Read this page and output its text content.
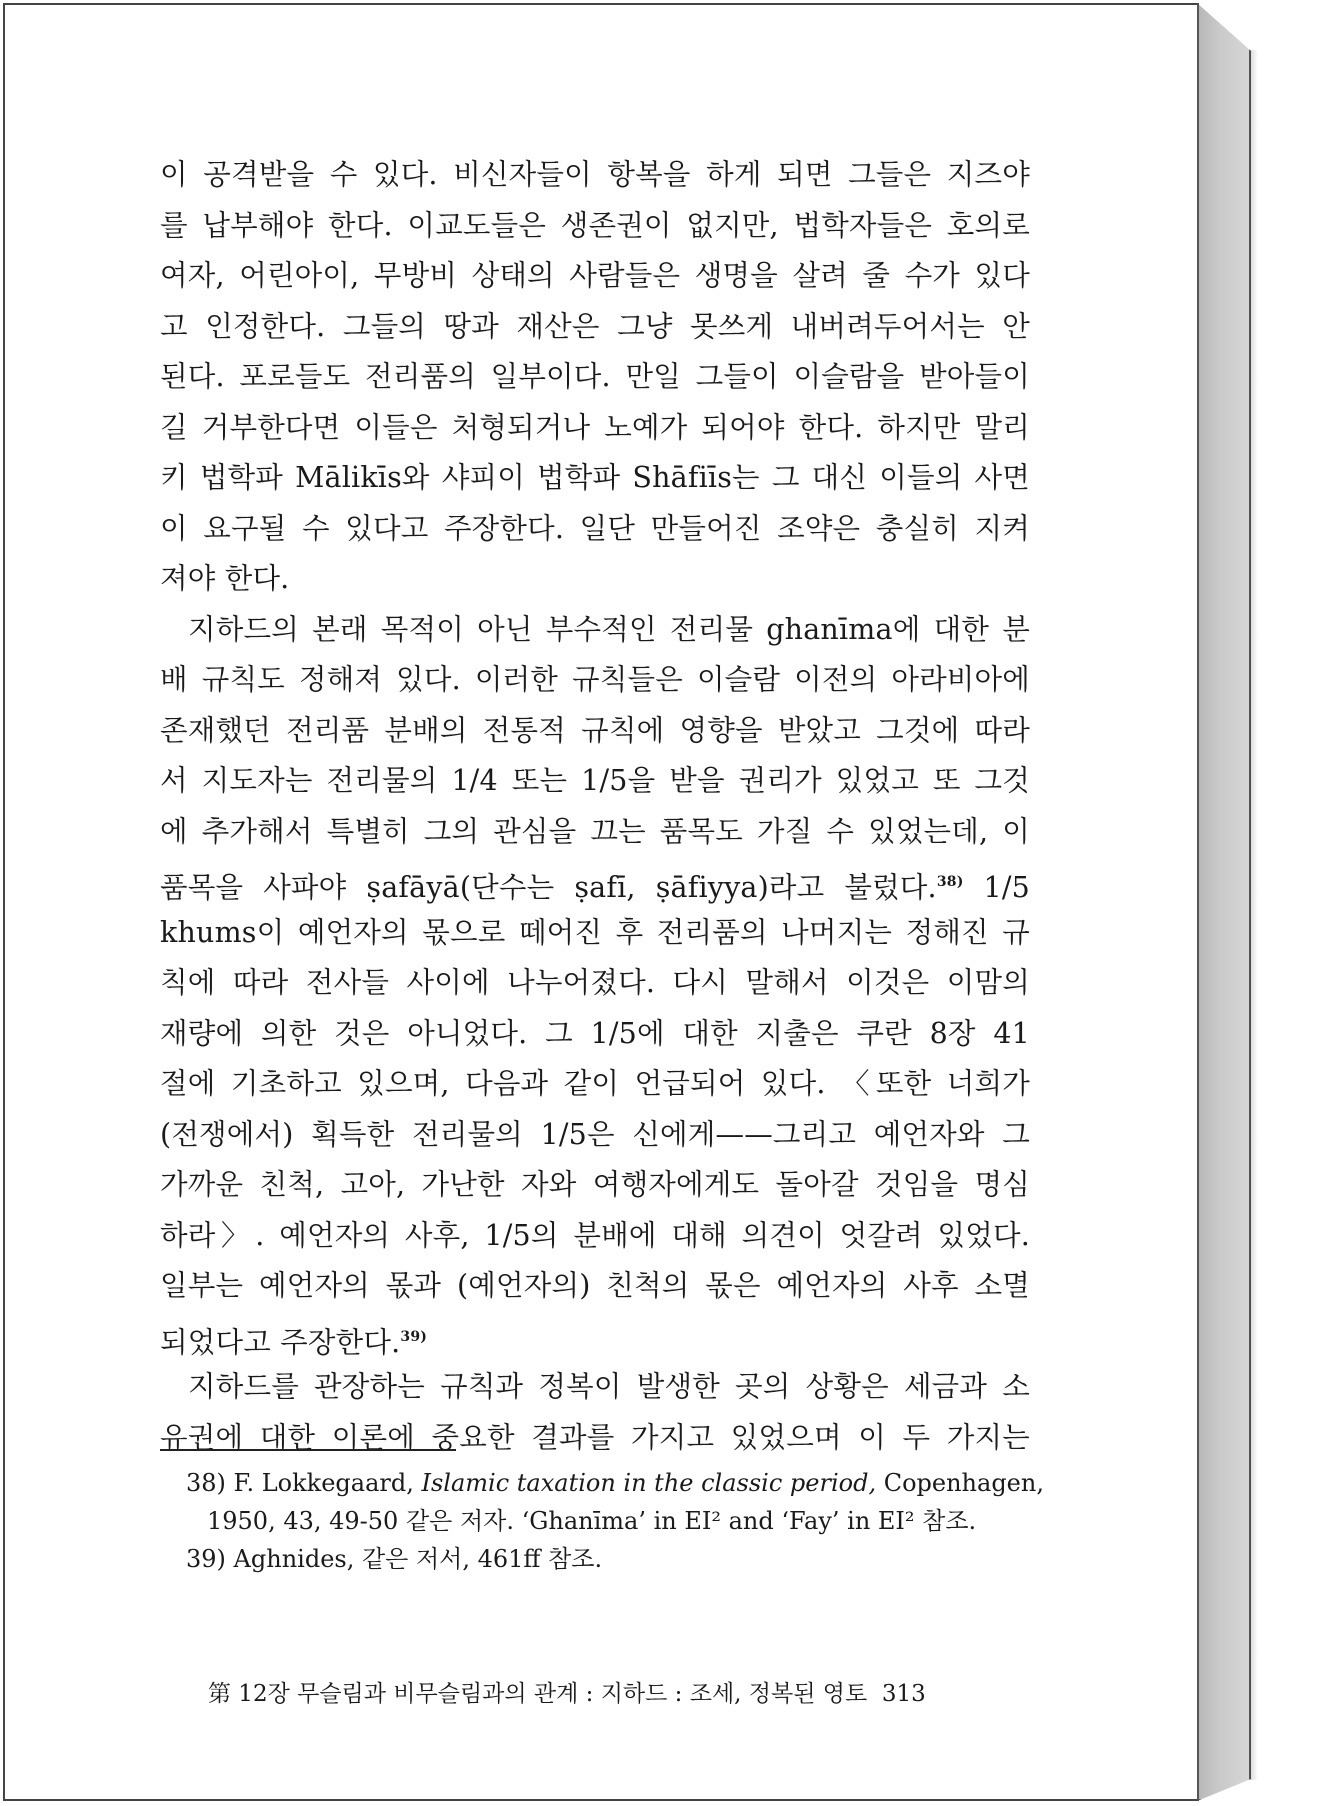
이 공격받을 수 있다. 비신자들이 항복을 하게 되면 그들은 지즈야
를 납부해야 한다. 이교도들은 생존권이 없지만, 법학자들은 호의로
여자, 어린아이, 무방비 상태의 사람들은 생명을 살려 줄 수가 있다
고 인정한다. 그들의 땅과 재산은 그냥 못쓰게 내버려두어서는 안
된다. 포로들도 전리품의 일부이다. 만일 그들이 이슬람을 받아들이
길 거부한다면 이들은 처형되거나 노예가 되어야 한다. 하지만 말리
키 법학파 Mālikīs와 샤피이 법학파 Shāfiīs는 그 대신 이들의 사면
이 요구될 수 있다고 주장한다. 일단 만들어진 조약은 충실히 지켜
져야 한다.
지하드의 본래 목적이 아닌 부수적인 전리물 ghanīma에 대한 분
배 규칙도 정해져 있다. 이러한 규칙들은 이슬람 이전의 아라비아에
존재했던 전리품 분배의 전통적 규칙에 영향을 받았고 그것에 따라
서 지도자는 전리물의 1/4 또는 1/5을 받을 권리가 있었고 또 그것
에 추가해서 특별히 그의 관심을 끄는 품목도 가질 수 있었는데, 이
품목을 사파야 ṣafāyā(단수는 ṣafī, ṣāfiyya)라고 불렀다.$^{38)}$ 1/5
khums이 예언자의 몫으로 떼어진 후 전리품의 나머지는 정해진 규
칙에 따라 전사들 사이에 나누어졌다. 다시 말해서 이것은 이맘의
재량에 의한 것은 아니었다. 그 1/5에 대한 지출은 쿠란 8장 41
절에 기초하고 있으며, 다음과 같이 언급되어 있다. 〈또한 너희가
(전쟁에서) 획득한 전리물의 1/5은 신에게——그리고 예언자와 그
가까운 친척, 고아, 가난한 자와 여행자에게도 돌아갈 것임을 명심
하라〉. 예언자의 사후, 1/5의 분배에 대해 의견이 엇갈려 있었다.
일부는 예언자의 몫과 (예언자의) 친척의 몫은 예언자의 사후 소멸
되었다고 주장한다.$^{39)}$
지하드를 관장하는 규칙과 정복이 발생한 곳의 상황은 세금과 소
유권에 대한 이론에 중요한 결과를 가지고 있었으며 이 두 가지는
38) F. Lokkegaard, Islamic taxation in the classic period, Copenhagen,
1950, 43, 49-50 같은 저자. ‘Ghanīma’ in EI² and ‘Fay’ in EI² 참조.
39) Aghnides, 같은 저서, 461ff 참조.
第 12장 무슬림과 비무슬림과의 관계 : 지하드 : 조세, 정복된 영토 313
